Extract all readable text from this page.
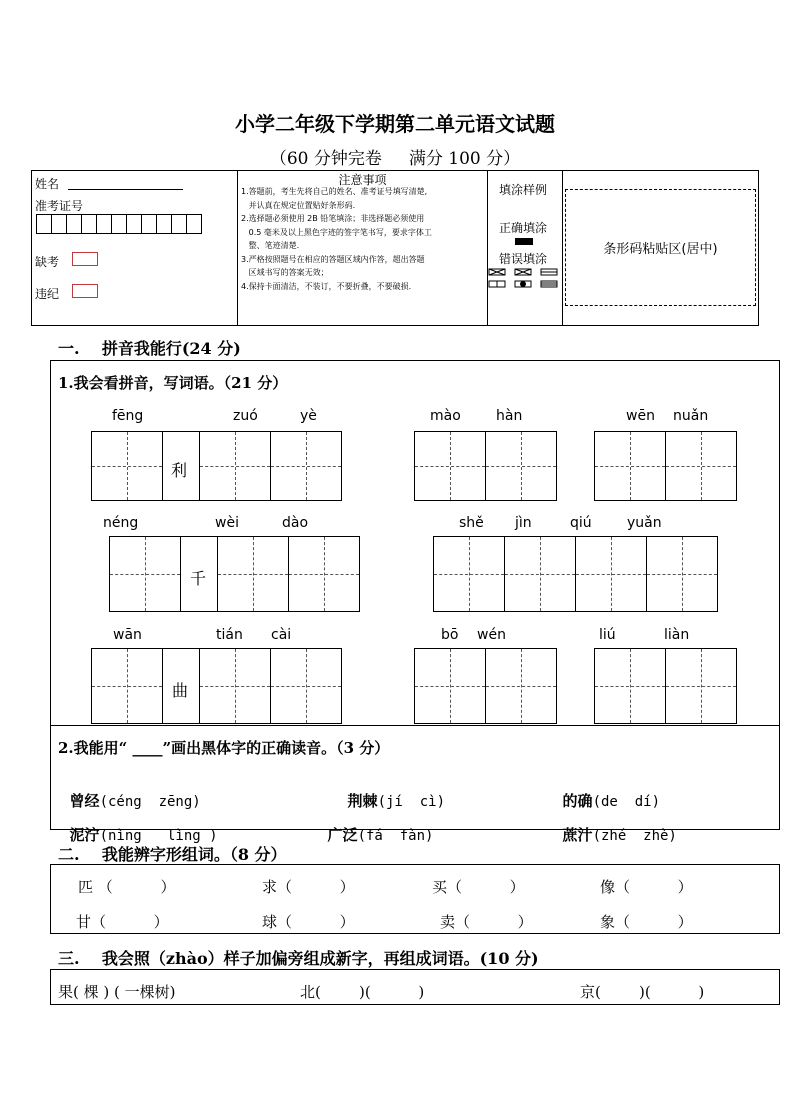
小学二年级下学期第二单元语文试题
（60 分钟完卷     满分 100 分）
姓名
准考证号
缺考
违纪
注意事项
1.答题前，考生先将自己的姓名、准考证号填写清楚,
并认真在规定位置贴好条形码.
2.选择题必须使用 2B 铅笔填涂；非选择题必须使用
0.5 毫米及以上黑色字迹的签字笔书写，要求字体工
整、笔迹清楚.
3.严格按照题号在相应的答题区域内作答，超出答题
区域书写的答案无效；
4.保持卡面清洁，不装订，不要折叠，不要破损.
填涂样例
正确填涂
错误填涂
条形码粘贴区(居中)
一.    拼音我能行(24 分)
1.我会看拼音，写词语。（21 分）
fēng	zuó	yè	mào	hàn	wēn nuǎn
利
néng	wèi	dào	shě jìn	qiú	yuǎn
千
wān	tián cài	bō wén	liú	liàn
曲
2.我能用“ ____”画出黑体字的正确读音。（3 分）

曾经(céng  zēng)	荆棘(jí  cì)	的确(de  dí)

泥泞(nìng   lìng )	广泛(fá  fàn)	蔗汁(zhé  zhè)

二.    我能辨字形组词。（8 分）
匹 （          ）	求（          ）	买（          ）	像（          ）
甘（          ）	球（          ）	卖（          ）	象（          ）
三.    我会照（zhào）样子加偏旁组成新字，再组成词语。(10 分)
果( 棵 ) ( 一棵树)	北(        )(          )	京(        )(          )
